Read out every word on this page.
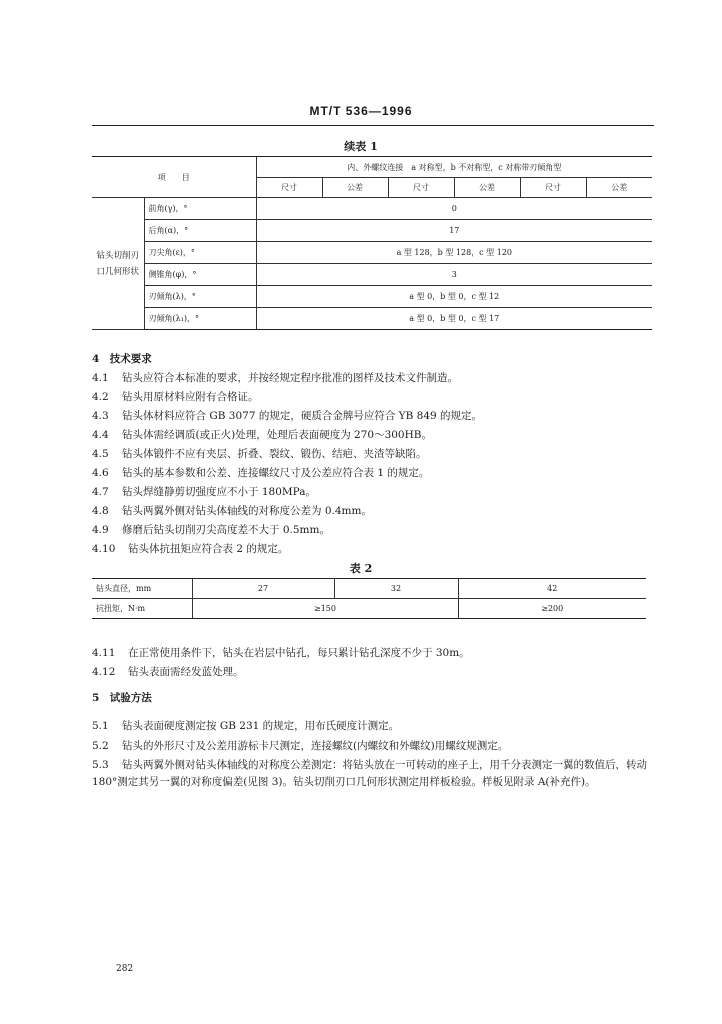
MT/T 536—1996
续表 1
项　　目		内、外螺纹连接　a 对称型，b 不对称型，c 对称带刃倾角型					
		尺寸	公差	尺寸	公差	尺寸	公差
钻头切削刃口几何形状	前角(γ)，°	0					
	后角(α)，°	17					
	刀尖角(ε)，°	a 型 128，b 型 128，c 型 120					
	侧锥角(φ)，°	3					
	刃倾角(λ)，°	a 型 0，b 型 0，c 型 12					
	刃倾角(λ₁)，°	a 型 0，b 型 0，c 型 17					
4　技术要求
4.1 钻头应符合本标准的要求，并按经规定程序批准的图样及技术文件制造。
4.2 钻头用原材料应附有合格证。
4.3 钻头体材料应符合 GB 3077 的规定，硬质合金牌号应符合 YB 849 的规定。
4.4 钻头体需经调质(或正火)处理，处理后表面硬度为 270～300HB。
4.5 钻头体锻件不应有夹层、折叠、裂纹、锻伤、结疤、夹渣等缺陷。
4.6 钻头的基本参数和公差、连接螺纹尺寸及公差应符合表 1 的规定。
4.7 钻头焊缝静剪切强度应不小于 180MPa。
4.8 钻头两翼外侧对钻头体轴线的对称度公差为 0.4mm。
4.9 修磨后钻头切削刃尖高度差不大于 0.5mm。
4.10 钻头体抗扭矩应符合表 2 的规定。
表 2
钻头直径，mm	27	32	42
抗扭矩，N·m	≥150		≥200
4.11 在正常使用条件下，钻头在岩层中钻孔，每只累计钻孔深度不少于 30m。
4.12 钻头表面需经发蓝处理。
5　试验方法
5.1 钻头表面硬度测定按 GB 231 的规定，用布氏硬度计测定。
5.2 钻头的外形尺寸及公差用游标卡尺测定，连接螺纹(内螺纹和外螺纹)用螺纹规测定。
5.3 钻头两翼外侧对钻头体轴线的对称度公差测定：将钻头放在一可转动的座子上，用千分表测定一翼的数值后，转动 180°测定其另一翼的对称度偏差(见图 3)。钻头切削刃口几何形状测定用样板检验。样板见附录 A(补充件)。
282
